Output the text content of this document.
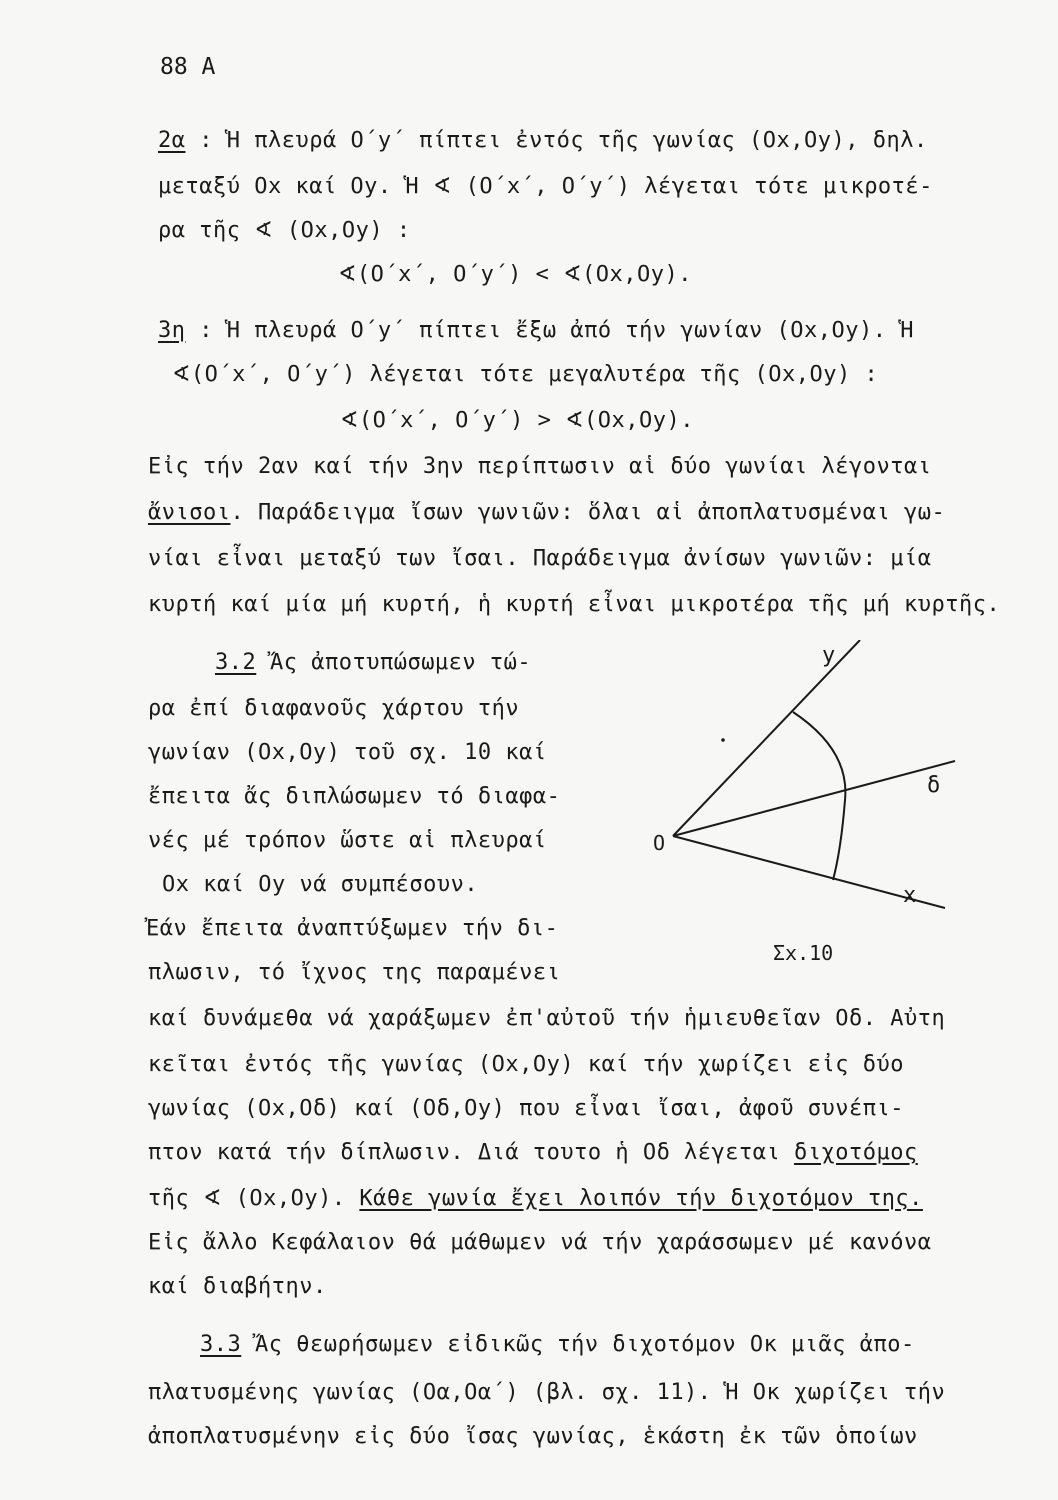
88 A
2α : Ἡ πλευρά Ο΄y΄ πίπτει ἐντός τῆς γωνίας (Οx,Οy), δηλ.
μεταξύ Οx καί Οy. Ἡ ∢ (Ο΄x΄, Ο΄y΄) λέγεται τότε μικροτέ-
ρα τῆς ∢ (Οx,Οy) :
∢(Ο΄x΄, Ο΄y΄) < ∢(Οx,Οy).
3η : Ἡ πλευρά Ο΄y΄ πίπτει ἔξω ἀπό τήν γωνίαν (Οx,Οy). Ἡ
∢(Ο΄x΄, Ο΄y΄) λέγεται τότε μεγαλυτέρα τῆς (Οx,Οy) :
∢(Ο΄x΄, Ο΄y΄) > ∢(Οx,Οy).
Εἰς τήν 2αν καί τήν 3ην περίπτωσιν αἱ δύο γωνίαι λέγονται
ἄνισοι. Παράδειγμα ἴσων γωνιῶν: ὅλαι αἱ ἀποπλατυσμέναι γω-
νίαι εἶναι μεταξύ των ἴσαι. Παράδειγμα ἀνίσων γωνιῶν: μία
κυρτή καί μία μή κυρτή, ἡ κυρτή εἶναι μικροτέρα τῆς μή κυρτῆς.
3.2 Ἄς ἀποτυπώσωμεν τώ-
ρα ἐπί διαφανοῦς χάρτου τήν
γωνίαν (Οx,Οy) τοῦ σχ. 10 καί
ἔπειτα ἄς διπλώσωμεν τό διαφα-
νές μέ τρόπον ὥστε αἱ πλευραί
Οx καί Οy νά συμπέσουν.
Ἐάν ἔπειτα ἀναπτύξωμεν τήν δι-
πλωσιν, τό ἴχνος της παραμένει
καί δυνάμεθα νά χαράξωμεν ἐπ'αὐτοῦ τήν ἡμιευθεῖαν Οδ. Αὐτη
κεῖται ἐντός τῆς γωνίας (Οx,Οy) καί τήν χωρίζει εἰς δύο
γωνίας (Οx,Οδ) καί (Οδ,Οy) που εἶναι ἴσαι, ἀφοῦ συνέπι-
πτον κατά τήν δίπλωσιν. Διά τουτο ἡ Οδ λέγεται διχοτόμος
τῆς ∢ (Οx,Οy). Κάθε γωνία ἔχει λοιπόν τήν διχοτόμον της.
Εἰς ἄλλο Κεφάλαιον θά μάθωμεν νά τήν χαράσσωμεν μέ κανόνα
καί διαβήτην.
3.3 Ἄς θεωρήσωμεν εἰδικῶς τήν διχοτόμον Οκ μιᾶς ἀπο-
πλατυσμένης γωνίας (Οα,Οα΄) (βλ. σχ. 11). Ἡ Οκ χωρίζει τήν
ἀποπλατυσμένην εἰς δύο ἴσας γωνίας, ἑκάστη ἐκ τῶν ὁποίων
y
δ
O
x
Σx.10
